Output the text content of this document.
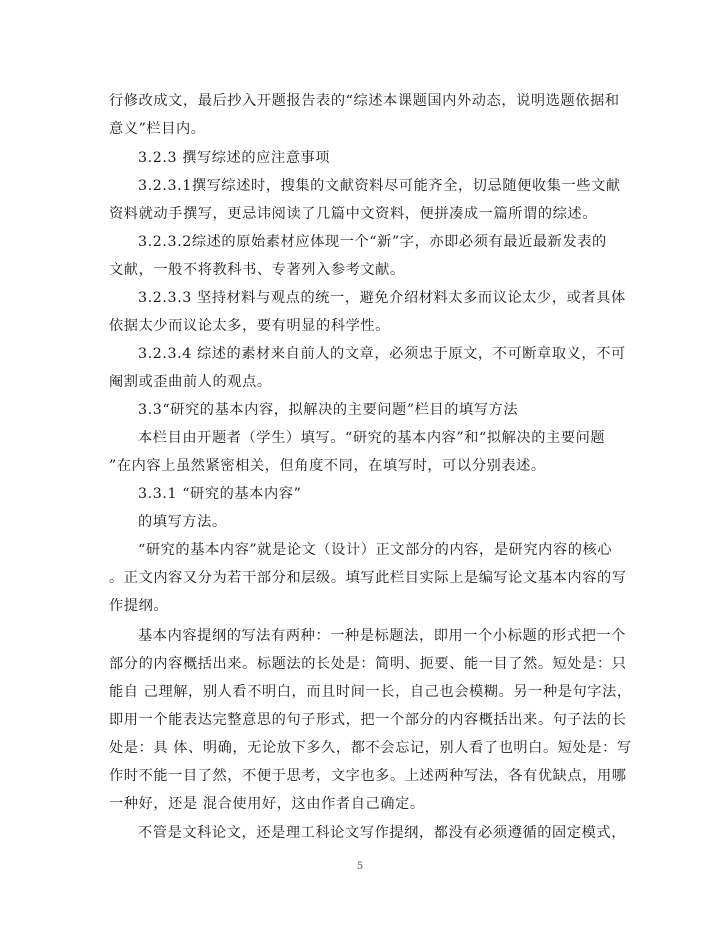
行修改成文，最后抄入开题报告表的“综述本课题国内外动态，说明选题依据和
意义”栏目内。
3.2.3 撰写综述的应注意事项
3.2.3.1撰写综述时，搜集的文献资料尽可能齐全，切忌随便收集一些文献
资料就动手撰写，更忌讳阅读了几篇中文资料，便拼凑成一篇所谓的综述。
3.2.3.2综述的原始素材应体现一个“新”字，亦即必须有最近最新发表的
文献，一般不将教科书、专著列入参考文献。
3.2.3.3 坚持材料与观点的统一，避免介绍材料太多而议论太少，或者具体
依据太少而议论太多，要有明显的科学性。
3.2.3.4 综述的素材来自前人的文章，必须忠于原文，不可断章取义，不可
阉割或歪曲前人的观点。
3.3“研究的基本内容，拟解决的主要问题”栏目的填写方法
本栏目由开题者（学生）填写。“研究的基本内容”和“拟解决的主要问题
”在内容上虽然紧密相关，但角度不同，在填写时，可以分别表述。
3.3.1 “研究的基本内容”
的填写方法。
“研究的基本内容”就是论文（设计）正文部分的内容，是研究内容的核心
。正文内容又分为若干部分和层级。填写此栏目实际上是编写论文基本内容的写
作提纲。
基本内容提纲的写法有两种：一种是标题法，即用一个小标题的形式把一个
部分的内容概括出来。标题法的长处是：简明、扼要、能一目了然。短处是：只
能自 己理解，别人看不明白，而且时间一长，自己也会模糊。另一种是句字法，
即用一个能表达完整意思的句子形式，把一个部分的内容概括出来。句子法的长
处是：具 体、明确，无论放下多久，都不会忘记，别人看了也明白。短处是：写
作时不能一目了然，不便于思考，文字也多。上述两种写法，各有优缺点，用哪
一种好，还是 混合使用好，这由作者自己确定。
不管是文科论文，还是理工科论文写作提纲，都没有必须遵循的固定模式，
5
